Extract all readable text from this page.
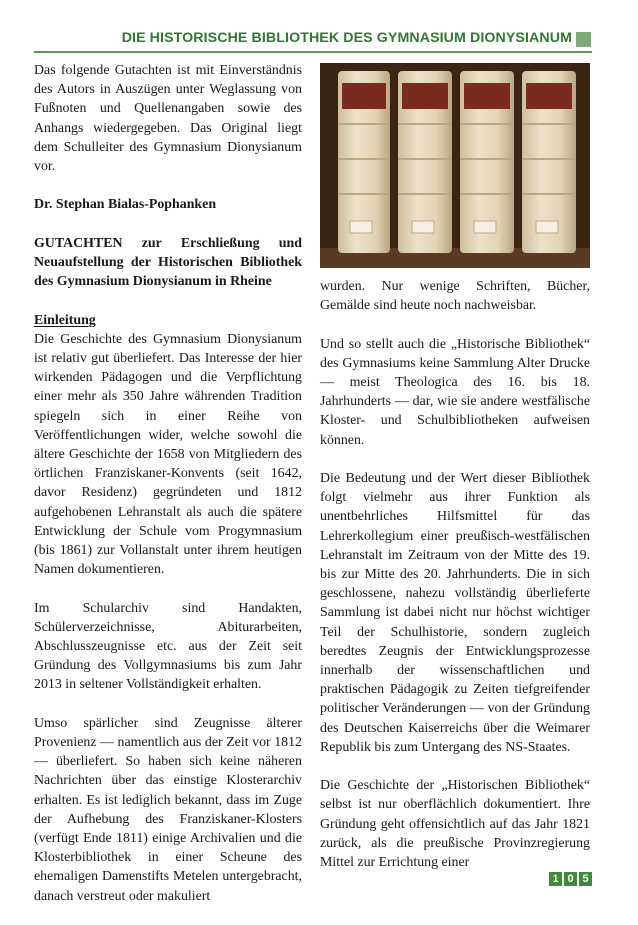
DIE HISTORISCHE BIBLIOTHEK DES GYMNASIUM DIONYSIANUM

Das folgende Gutachten ist mit Einverständnis des Autors in Auszügen unter Weglassung von Fußnoten und Quellenangaben sowie des Anhangs wiedergegeben. Das Original liegt dem Schulleiter des Gymnasium Dionysianum vor.

Dr. Stephan Bialas-Pophanken

GUTACHTEN zur Erschließung und Neuaufstellung der Historischen Bibliothek des Gymnasium Dionysianum in Rheine

Einleitung

Die Geschichte des Gymnasium Dionysianum ist relativ gut überliefert. Das Interesse der hier wirkenden Pädagogen und die Verpflichtung einer mehr als 350 Jahre währenden Tradition spiegeln sich in einer Reihe von Veröffentlichungen wider, welche sowohl die ältere Geschichte der 1658 von Mitgliedern des örtlichen Franziskaner-Konvents (seit 1642, davor Residenz) gegründeten und 1812 aufgehobenen Lehranstalt als auch die spätere Entwicklung der Schule vom Progymnasium (bis 1861) zur Vollanstalt unter ihrem heutigen Namen dokumentieren.

Im Schularchiv sind Handakten, Schülerverzeichnisse, Abiturarbeiten, Abschlusszeugnisse etc. aus der Zeit seit Gründung des Vollgymnasiums bis zum Jahr 2013 in seltener Vollständigkeit erhalten.

Umso spärlicher sind Zeugnisse älterer Provenienz — namentlich aus der Zeit vor 1812 — überliefert. So haben sich keine näheren Nachrichten über das einstige Klosterarchiv erhalten. Es ist lediglich bekannt, dass im Zuge der Aufhebung des Franziskaner-Klosters (verfügt Ende 1811) einige Archivalien und die Klosterbibliothek in einer Scheune des ehemaligen Damenstifts Metelen untergebracht, danach verstreut oder makuliert

wurden. Nur wenige Schriften, Bücher, Gemälde sind heute noch nachweisbar.

Und so stellt auch die „Historische Bibliothek“ des Gymnasiums keine Sammlung Alter Drucke — meist Theologica des 16. bis 18. Jahrhunderts — dar, wie sie andere westfälische Kloster- und Schulbibliotheken aufweisen können.

Die Bedeutung und der Wert dieser Bibliothek folgt vielmehr aus ihrer Funktion als unentbehrliches Hilfsmittel für das Lehrerkollegium einer preußisch-westfälischen Lehranstalt im Zeitraum von der Mitte des 19. bis zur Mitte des 20. Jahrhunderts. Die in sich geschlossene, nahezu vollständig überlieferte Sammlung ist dabei nicht nur höchst wichtiger Teil der Schulhistorie, sondern zugleich beredtes Zeugnis der Entwicklungsprozesse innerhalb der wissenschaftlichen und praktischen Pädagogik zu Zeiten tiefgreifender politischer Veränderungen — von der Gründung des Deutschen Kaiserreichs über die Weimarer Republik bis zum Untergang des NS-Staates.

Die Geschichte der „Historischen Bibliothek“ selbst ist nur oberflächlich dokumentiert. Ihre Gründung geht offensichtlich auf das Jahr 1821 zurück, als die preußische Provinzregierung Mittel zur Errichtung einer

1 0 5
